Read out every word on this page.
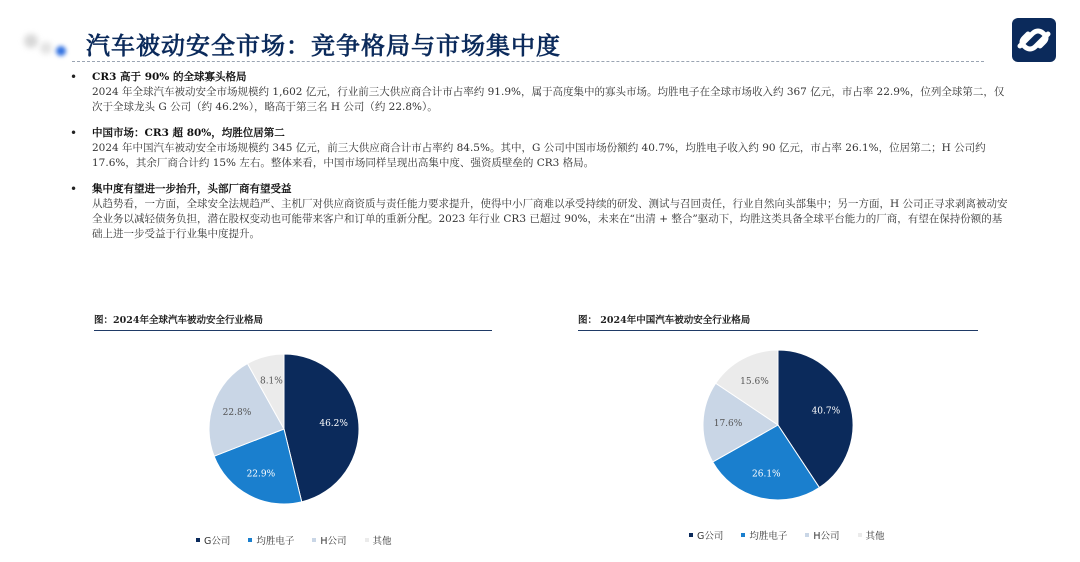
汽车被动安全市场：竞争格局与市场集中度
• CR3 高于 90% 的全球寡头格局
2024 年全球汽车被动安全市场规模约 1,602 亿元，行业前三大供应商合计市占率约 91.9%，属于高度集中的寡头市场。均胜电子在全球市场收入约 367 亿元，市占率 22.9%，位列全球第二，仅次于全球龙头 G 公司（约 46.2%），略高于第三名 H 公司（约 22.8%）。
• 中国市场：CR3 超 80%，均胜位居第二
2024 年中国汽车被动安全市场规模约 345 亿元，前三大供应商合计市占率约 84.5%。其中，G 公司中国市场份额约 40.7%，均胜电子收入约 90 亿元，市占率 26.1%，位居第二；H 公司约 17.6%，其余厂商合计约 15% 左右。整体来看，中国市场同样呈现出高集中度、强资质壁垒的 CR3 格局。
• 集中度有望进一步抬升，头部厂商有望受益
从趋势看，一方面，全球安全法规趋严、主机厂对供应商资质与责任能力要求提升，使得中小厂商难以承受持续的研发、测试与召回责任，行业自然向头部集中；另一方面，H 公司正寻求剥离被动安全业务以减轻债务负担，潜在股权变动也可能带来客户和订单的重新分配。2023 年行业 CR3 已超过 90%，未来在“出清 + 整合”驱动下，均胜这类具备全球平台能力的厂商，有望在保持份额的基础上进一步受益于行业集中度提升。
图：2024年全球汽车被动安全行业格局
46.2%
22.9%
22.8%
8.1%
G公司	均胜电子	H公司	其他
图： 2024年中国汽车被动安全行业格局
40.7%
26.1%
17.6%
15.6%
G公司	均胜电子	H公司	其他
